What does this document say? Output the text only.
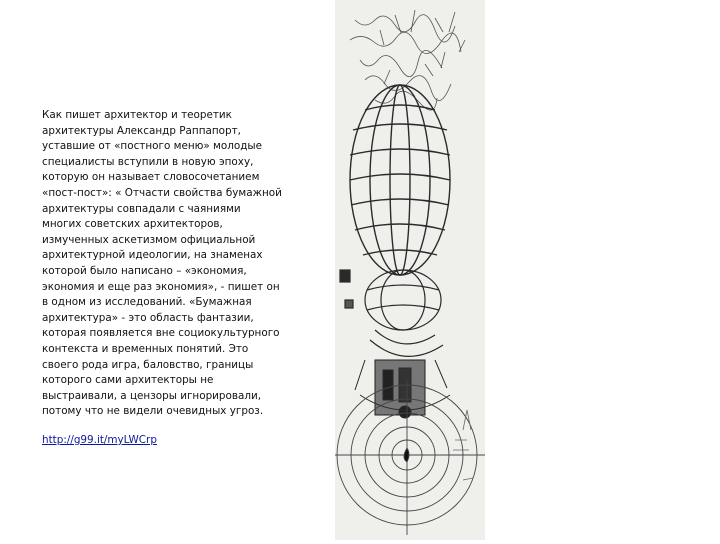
Как пишет архитектор и теоретик архитектуры Александр Раппапорт, уставшие от «постного меню» молодые специалисты вступили в новую эпоху, которую он называет словосочетанием «пост-пост»: « Отчасти свойства бумажной архитектуры совпадали с чаяниями многих советских архитекторов, измученных аскетизмом официальной архитектурной идеологии, на знаменах которой было написано – «экономия, экономия и еще раз экономия», - пишет он в одном из исследований. «Бумажная архитектура» - это область фантазии, которая появляется вне социокультурного контекста и временных понятий. Это своего рода игра, баловство, границы которого сами архитекторы не выстраивали, а цензоры игнорировали, потому что не видели очевидных угроз.

http://g99.it/myLWCrp
